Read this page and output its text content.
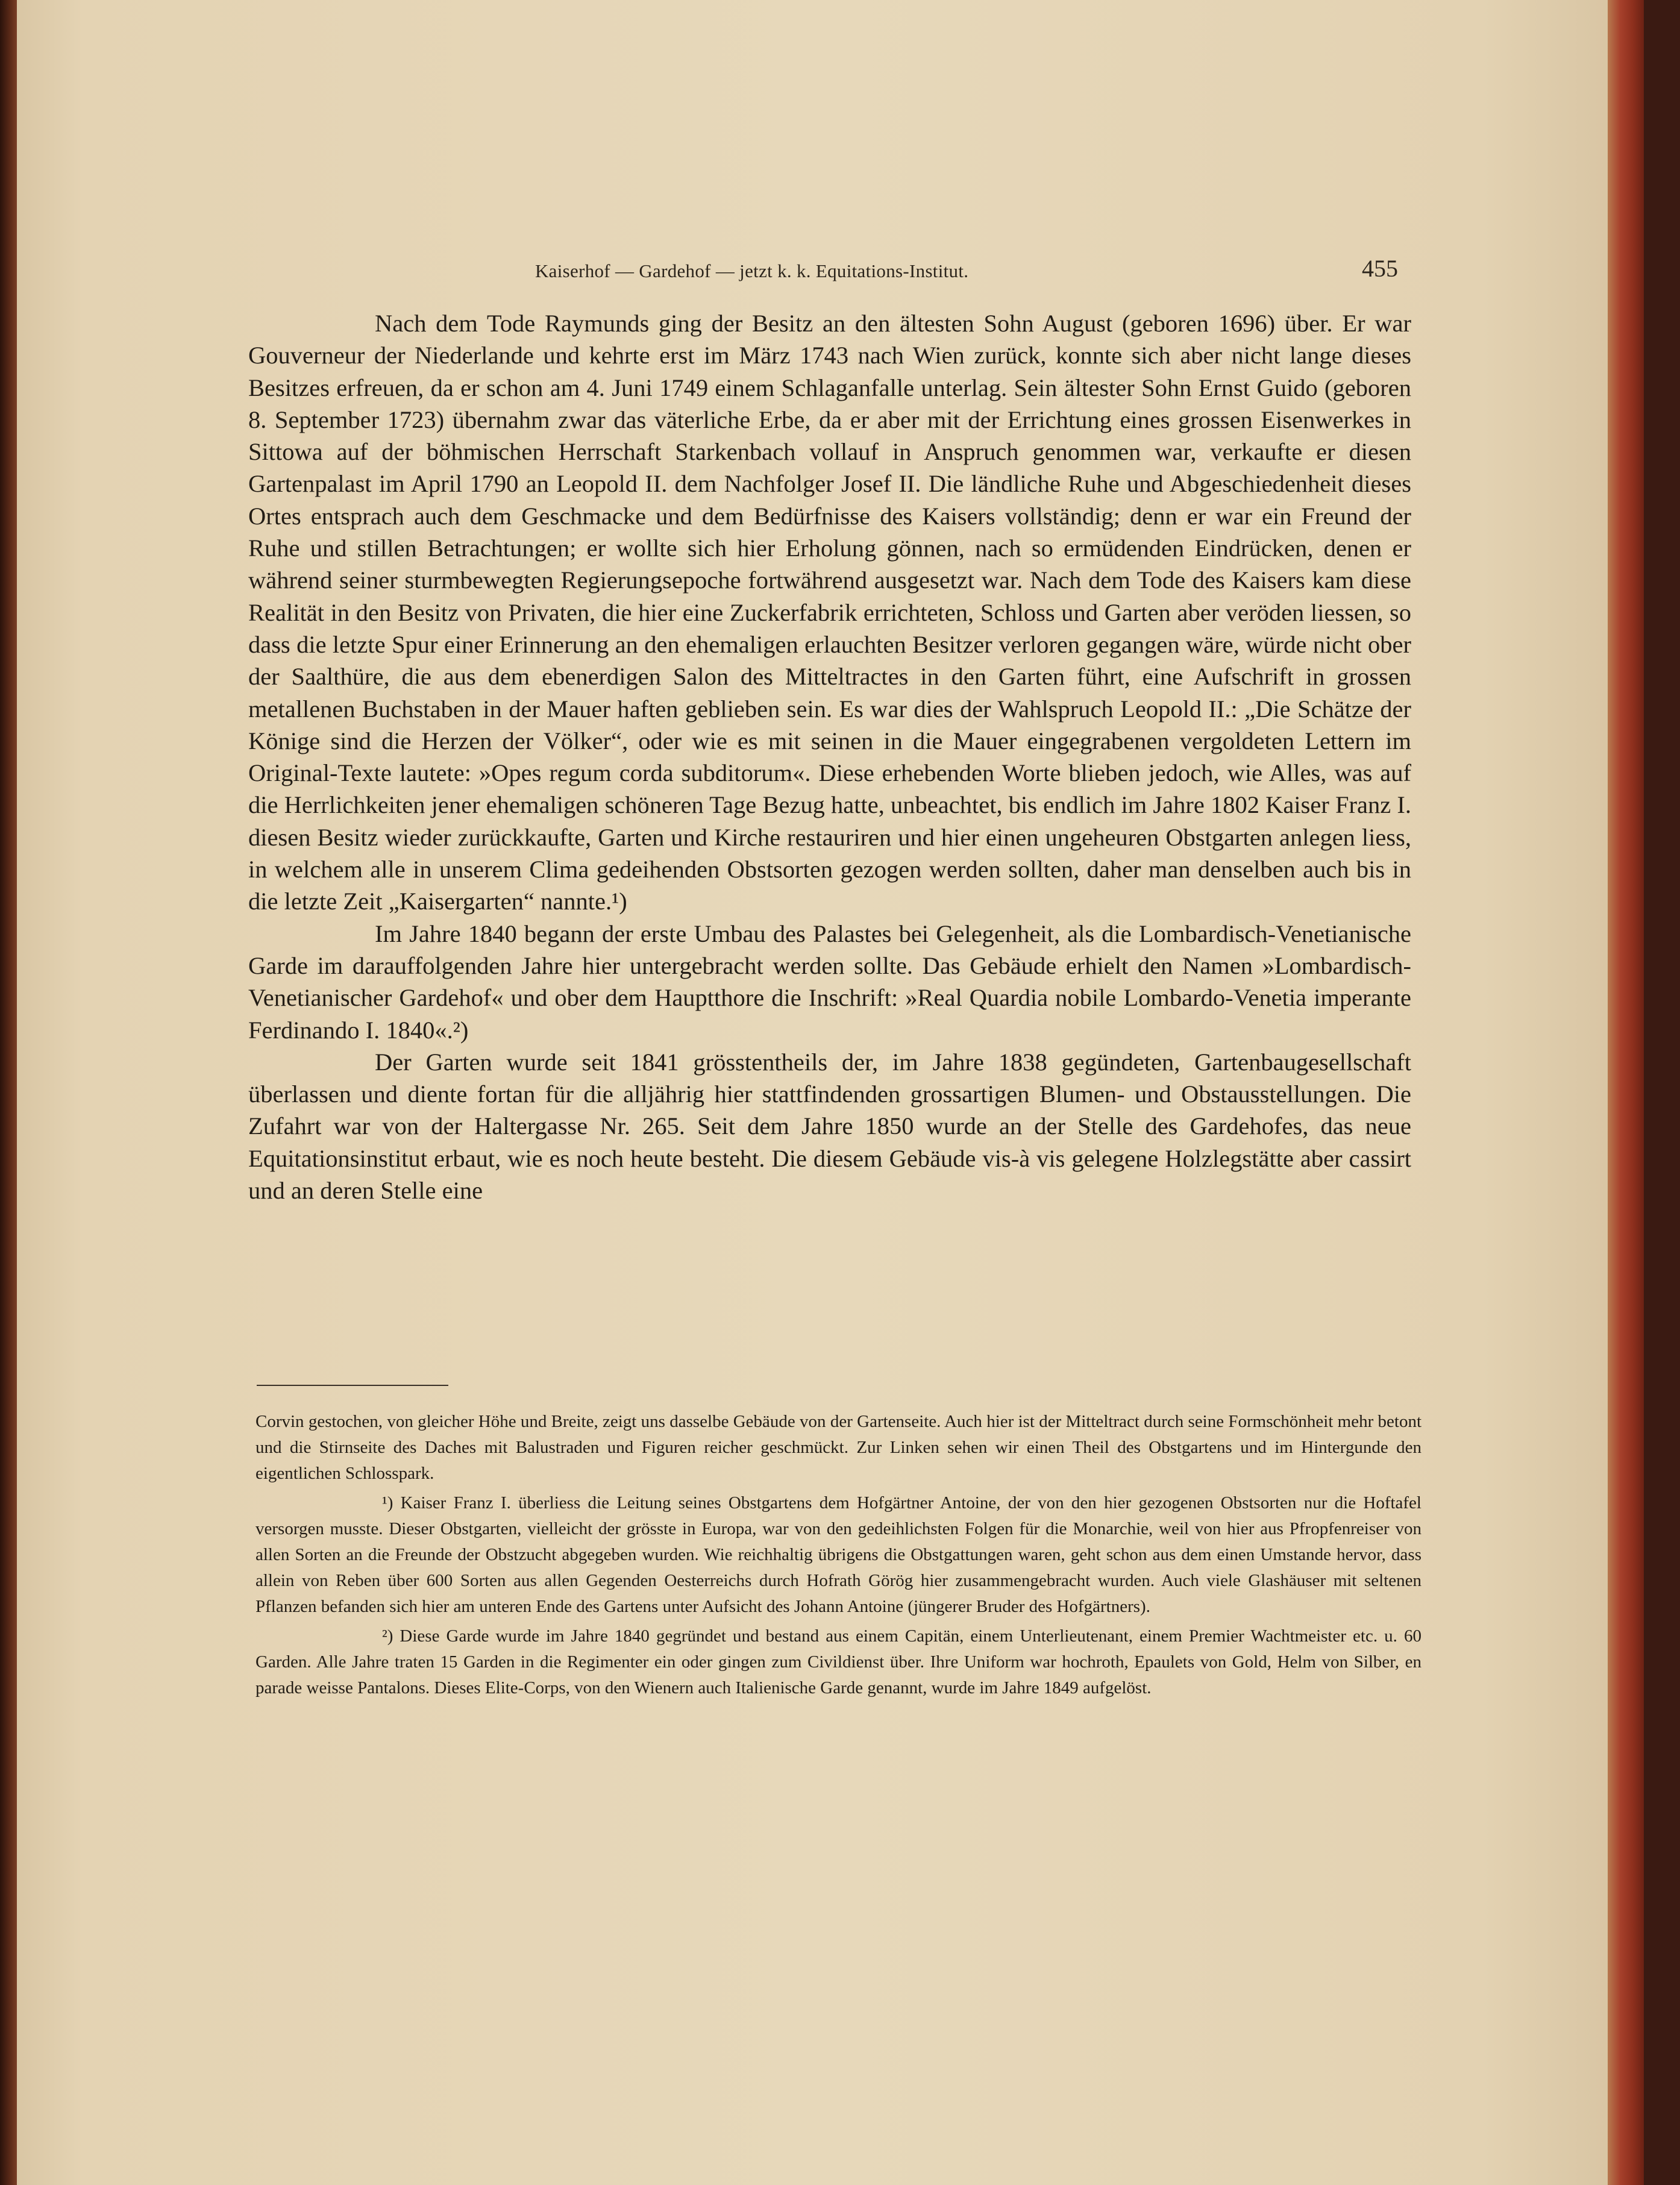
Kaiserhof — Gardehof — jetzt k. k. Equitations-Institut.	455

Nach dem Tode Raymunds ging der Besitz an den ältesten Sohn August (geboren 1696) über. Er war Gouverneur der Niederlande und kehrte erst im März 1743 nach Wien zurück, konnte sich aber nicht lange dieses Besitzes erfreuen, da er schon am 4. Juni 1749 einem Schlaganfalle unterlag. Sein ältester Sohn Ernst Guido (geboren 8. September 1723) übernahm zwar das väterliche Erbe, da er aber mit der Errichtung eines grossen Eisenwerkes in Sittowa auf der böhmischen Herrschaft Starkenbach vollauf in Anspruch genommen war, verkaufte er diesen Gartenpalast im April 1790 an Leopold II. dem Nachfolger Josef II. Die ländliche Ruhe und Abgeschiedenheit dieses Ortes entsprach auch dem Geschmacke und dem Bedürfnisse des Kaisers vollständig; denn er war ein Freund der Ruhe und stillen Betrachtungen; er wollte sich hier Erholung gönnen, nach so ermüdenden Eindrücken, denen er während seiner sturmbewegten Regierungsepoche fortwährend ausgesetzt war. Nach dem Tode des Kaisers kam diese Realität in den Besitz von Privaten, die hier eine Zuckerfabrik errichteten, Schloss und Garten aber veröden liessen, so dass die letzte Spur einer Erinnerung an den ehemaligen erlauchten Besitzer verloren gegangen wäre, würde nicht ober der Saalthüre, die aus dem ebenerdigen Salon des Mitteltractes in den Garten führt, eine Aufschrift in grossen metallenen Buchstaben in der Mauer haften geblieben sein. Es war dies der Wahlspruch Leopold II.: „Die Schätze der Könige sind die Herzen der Völker“, oder wie es mit seinen in die Mauer eingegrabenen vergoldeten Lettern im Original-Texte lautete: »Opes regum corda subditorum«. Diese erhebenden Worte blieben jedoch, wie Alles, was auf die Herrlichkeiten jener ehemaligen schöneren Tage Bezug hatte, unbeachtet, bis endlich im Jahre 1802 Kaiser Franz I. diesen Besitz wieder zurückkaufte, Garten und Kirche restauriren und hier einen ungeheuren Obstgarten anlegen liess, in welchem alle in unserem Clima gedeihenden Obstsorten gezogen werden sollten, daher man denselben auch bis in die letzte Zeit „Kaisergarten“ nannte.¹)

Im Jahre 1840 begann der erste Umbau des Palastes bei Gelegenheit, als die Lombardisch-Venetianische Garde im darauffolgenden Jahre hier untergebracht werden sollte. Das Gebäude erhielt den Namen »Lombardisch-Venetianischer Gardehof« und ober dem Hauptthore die Inschrift: »Real Quardia nobile Lombardo-Venetia imperante Ferdinando I. 1840«.²)

Der Garten wurde seit 1841 grösstentheils der, im Jahre 1838 gegündeten, Gartenbaugesellschaft überlassen und diente fortan für die alljährig hier stattfindenden grossartigen Blumen- und Obstausstellungen. Die Zufahrt war von der Haltergasse Nr. 265. Seit dem Jahre 1850 wurde an der Stelle des Gardehofes, das neue Equitationsinstitut erbaut, wie es noch heute besteht. Die diesem Gebäude vis-à vis gelegene Holzlegstätte aber cassirt und an deren Stelle eine

Corvin gestochen, von gleicher Höhe und Breite, zeigt uns dasselbe Gebäude von der Gartenseite. Auch hier ist der Mitteltract durch seine Formschönheit mehr betont und die Stirnseite des Daches mit Balustraden und Figuren reicher geschmückt. Zur Linken sehen wir einen Theil des Obstgartens und im Hintergunde den eigentlichen Schlosspark.

¹) Kaiser Franz I. überliess die Leitung seines Obstgartens dem Hofgärtner Antoine, der von den hier gezogenen Obstsorten nur die Hoftafel versorgen musste. Dieser Obstgarten, vielleicht der grösste in Europa, war von den gedeihlichsten Folgen für die Monarchie, weil von hier aus Pfropfenreiser von allen Sorten an die Freunde der Obstzucht abgegeben wurden. Wie reichhaltig übrigens die Obstgattungen waren, geht schon aus dem einen Umstande hervor, dass allein von Reben über 600 Sorten aus allen Gegenden Oesterreichs durch Hofrath Görög hier zusammengebracht wurden. Auch viele Glashäuser mit seltenen Pflanzen befanden sich hier am unteren Ende des Gartens unter Aufsicht des Johann Antoine (jüngerer Bruder des Hofgärtners).

²) Diese Garde wurde im Jahre 1840 gegründet und bestand aus einem Capitän, einem Unterlieutenant, einem Premier Wachtmeister etc. u. 60 Garden. Alle Jahre traten 15 Garden in die Regimenter ein oder gingen zum Civildienst über. Ihre Uniform war hochroth, Epaulets von Gold, Helm von Silber, en parade weisse Pantalons. Dieses Elite-Corps, von den Wienern auch Italienische Garde genannt, wurde im Jahre 1849 aufgelöst.
